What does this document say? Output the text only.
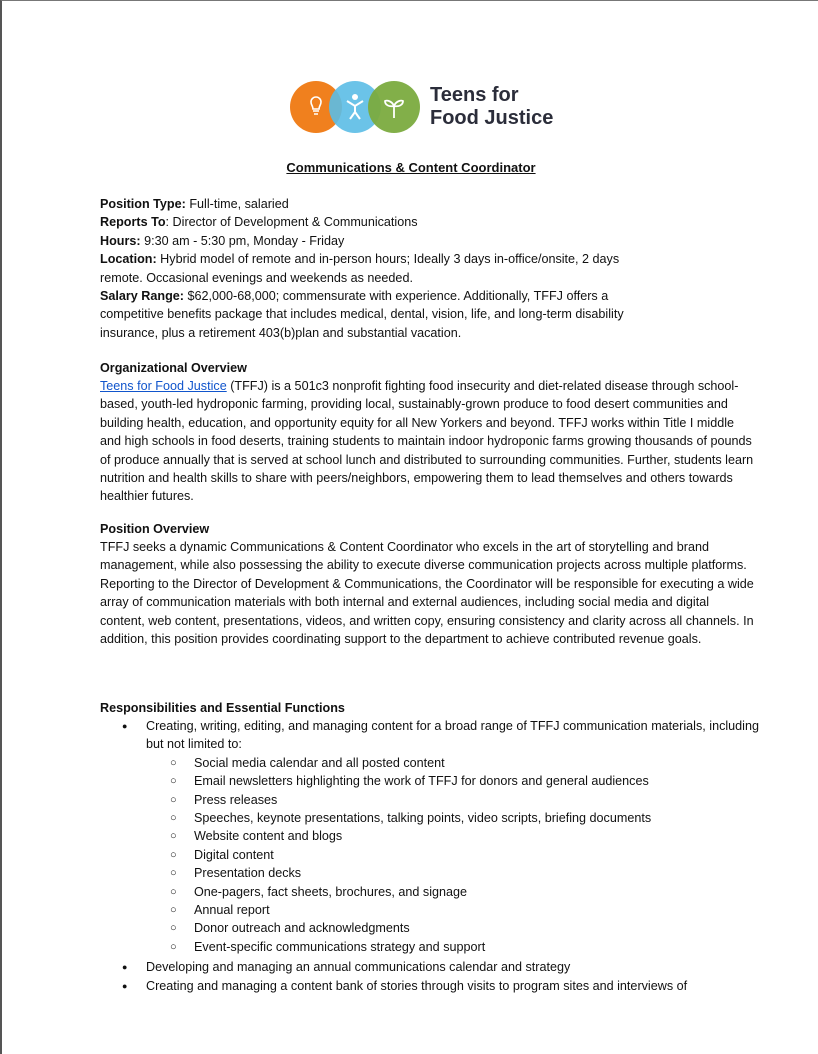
Teens for
Food Justice
Communications & Content Coordinator

Position Type: Full-time, salaried

Reports To: Director of Development & Communications

Hours: 9:30 am - 5:30 pm, Monday - Friday

Location: Hybrid model of remote and in-person hours; Ideally 3 days in-office/onsite, 2 days remote. Occasional evenings and weekends as needed.

Salary Range: $62,000-68,000; commensurate with experience. Additionally, TFFJ offers a competitive benefits package that includes medical, dental, vision, life, and long-term disability insurance, plus a retirement 403(b)plan and substantial vacation.

Organizational Overview

Teens for Food Justice (TFFJ) is a 501c3 nonprofit fighting food insecurity and diet-related disease through school-based, youth-led hydroponic farming, providing local, sustainably-grown produce to food desert communities and building health, education, and opportunity equity for all New Yorkers and beyond. TFFJ works within Title I middle and high schools in food deserts, training students to maintain indoor hydroponic farms growing thousands of pounds of produce annually that is served at school lunch and distributed to surrounding communities. Further, students learn nutrition and health skills to share with peers/neighbors, empowering them to lead themselves and others towards healthier futures.

Position Overview

TFFJ seeks a dynamic Communications & Content Coordinator who excels in the art of storytelling and brand management, while also possessing the ability to execute diverse communication projects across multiple platforms. Reporting to the Director of Development & Communications, the Coordinator will be responsible for executing a wide array of communication materials with both internal and external audiences, including social media and digital content, web content, presentations, videos, and written copy, ensuring consistency and clarity across all channels. In addition, this position provides coordinating support to the department to achieve contributed revenue goals.

Responsibilities and Essential Functions

● Creating, writing, editing, and managing content for a broad range of TFFJ communication materials, including but not limited to:
○ Social media calendar and all posted content
○ Email newsletters highlighting the work of TFFJ for donors and general audiences
○ Press releases
○ Speeches, keynote presentations, talking points, video scripts, briefing documents
○ Website content and blogs
○ Digital content
○ Presentation decks
○ One-pagers, fact sheets, brochures, and signage
○ Annual report
○ Donor outreach and acknowledgments
○ Event-specific communications strategy and support
● Developing and managing an annual communications calendar and strategy
● Creating and managing a content bank of stories through visits to program sites and interviews of
